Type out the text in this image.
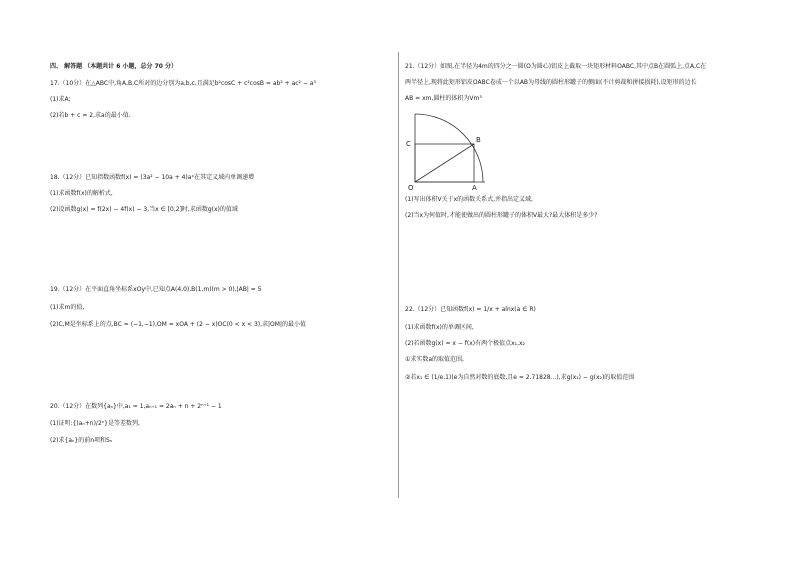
四、 解答题 （本题共计 6 小题，总分 70 分）
17.（10分）在△ABC中,角A,B,C所对的边分别为a,b,c,且满足b²cosC + c²cosB = ab² + ac² − a³
(1)求A;
(2)若b + c = 2,求a的最小值.
18.（12分）已知指数函数f(x) = (3a² − 10a + 4)aˣ在其定义域内单调递增
(1)求函数f(x)的解析式,
(2)设函数g(x) = f(2x) − 4f(x) − 3,当x ∈ [0,2]时,求函数g(x)的值域
19.（12分）在平面直角坐标系xOy中,已知点A(4,0),B(1,m)(m > 0),|AB| = 5
(1)求m的值,
(2)C,M是坐标系上的点,BC = (−1,−1),OM = xOA + (2 − x)OC(0 < x < 3),求|OM|的最小值
20.（12分）在数列{aₙ}中,a₁ = 1,aₙ₊₁ = 2aₙ + n + 2ⁿ⁺¹ − 1
(1)证明:{(aₙ+n)/2ⁿ}是等差数列,
(2)求{aₙ}的前n项和Sₙ
21.（12分）如图,在半径为4m的四分之一圆(O为圆心)铝皮上截取一块矩形材料OABC,其中点B在圆弧上,点A,C在
两半径上,现将此矩形铝皮OABC卷成一个以AB为母线的圆柱形罐子的侧面(不计剪裁和拼接损耗),设矩形的边长
AB = xm,圆柱的体积为Vm³
B
C
O	A
(1)写出体积V关于x的函数关系式,并指出定义域,
(2)当x为何值时,才能使做出的圆柱形罐子的体积V最大?最大体积是多少?
22.（12分）已知函数f(x) = 1/x + alnx(a ∈ R)
(1)求函数f(x)的单调区间,
(2)若函数g(x) = x − f(x)有两个极值点x₁,x₂
①求实数a的取值范围,
②若x₁ ∈ (1/e,1)(e为自然对数的底数,且e = 2.71828...),求g(x₁) − g(x₂)的取值范围
